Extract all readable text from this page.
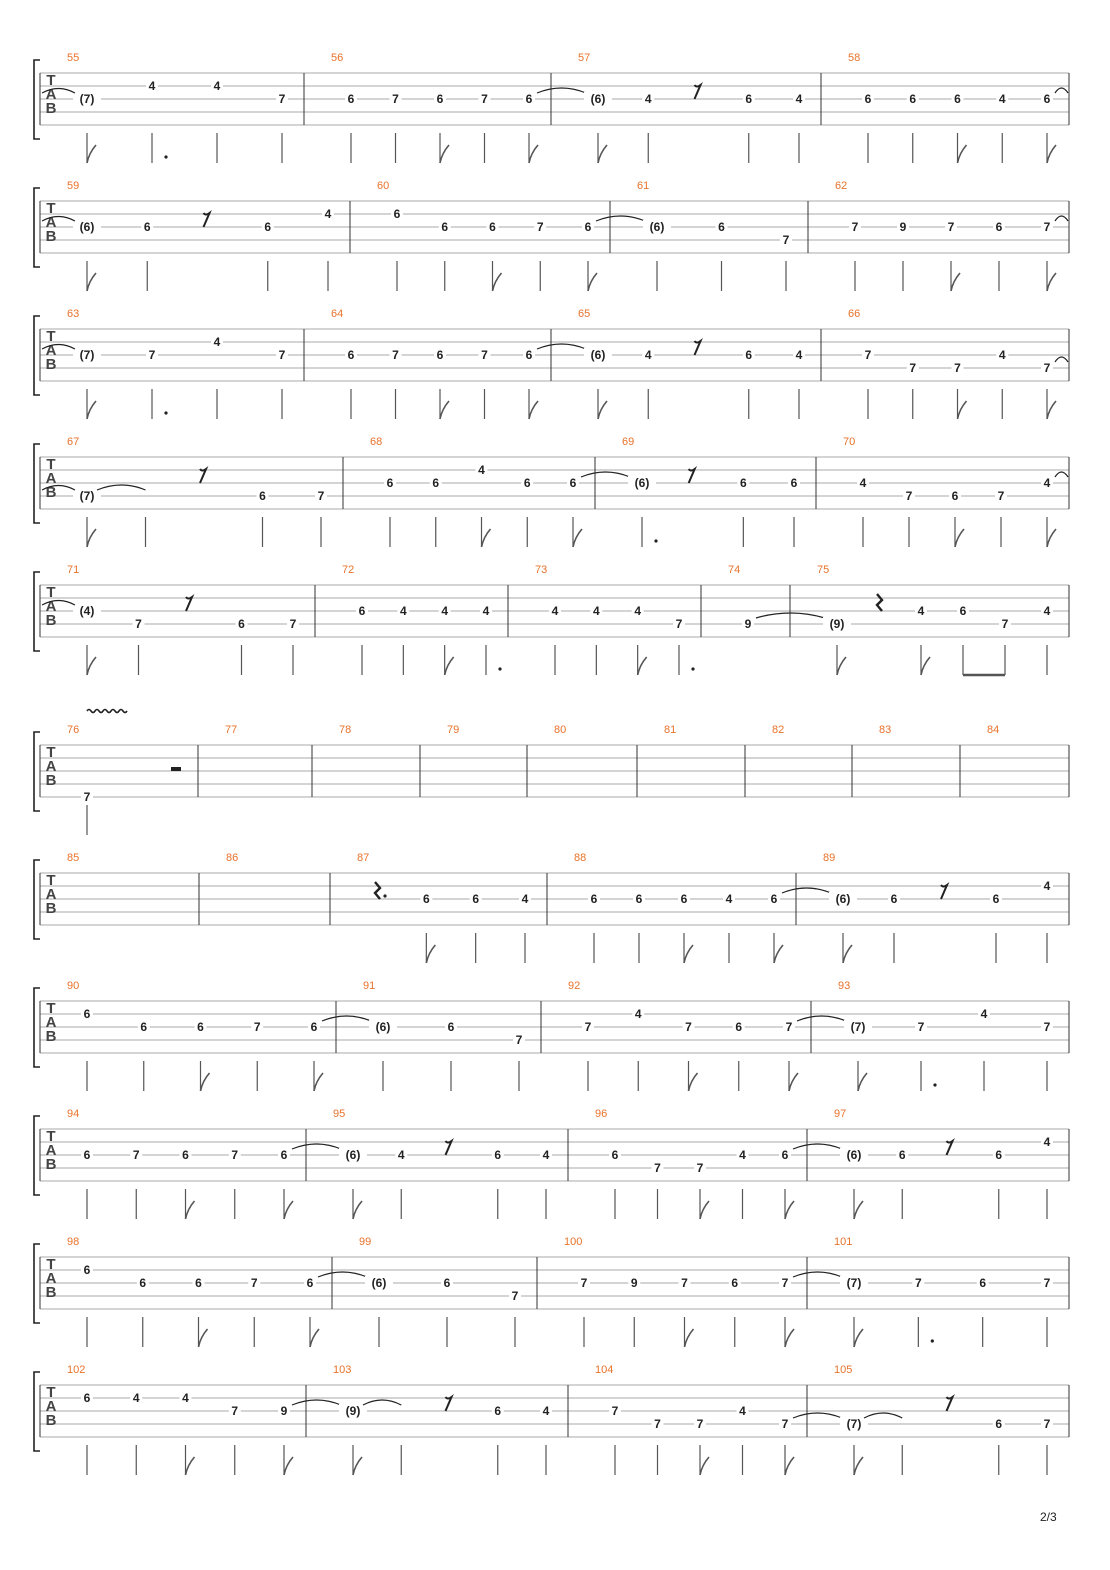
T
A
B
55
(7)
4	4
7
56
6	7	6	7	6
57
(6)	4	6	4
58
6	6	6	4	6
T
A
B
59
(6)	6	6
4
60
6
6	6	7	6
61
(6)	6
7
62
7	9	7	6	7
T
A
B
63
(7)	7
4
7
64
6	7	6	7	6
65
(6)	4	6	4
66
7
7	7
4
7
T
A
B
67
(7)	6	7
68
6	6
4
6	6
69
(6)	6	6
70
4
7	6	7
4
T
A
B
71
(4)
7	6	7
72
6	4	4	4
73
4	4	4
7
74
9
75
(9)
4	6
7
4
T
A
B
76
7
77	78	79	80	81	82	83	84
T
A
B
85	86	87
6	6	4
88
6	6	6	4	6
89
(6)	6	6
4
T
A
B
90
6
6	6	7	6
91
(6)	6
7
92
7
4
7	6	7
93
(7)	7
4
7
T
A
B
94
6	7	6	7	6
95
(6)	4	6	4
96
6
7	7
4	6
97
(6)	6	6
4
T
A
B
98
6
6	6	7	6
99
(6)	6
7
100
7	9	7	6	7
101
(7)	7	6	7
T
A
B
102
6	4	4
7	9
103
(9)	6	4
104
7
7	7
4
7
105
(7)	6	7
2/3
